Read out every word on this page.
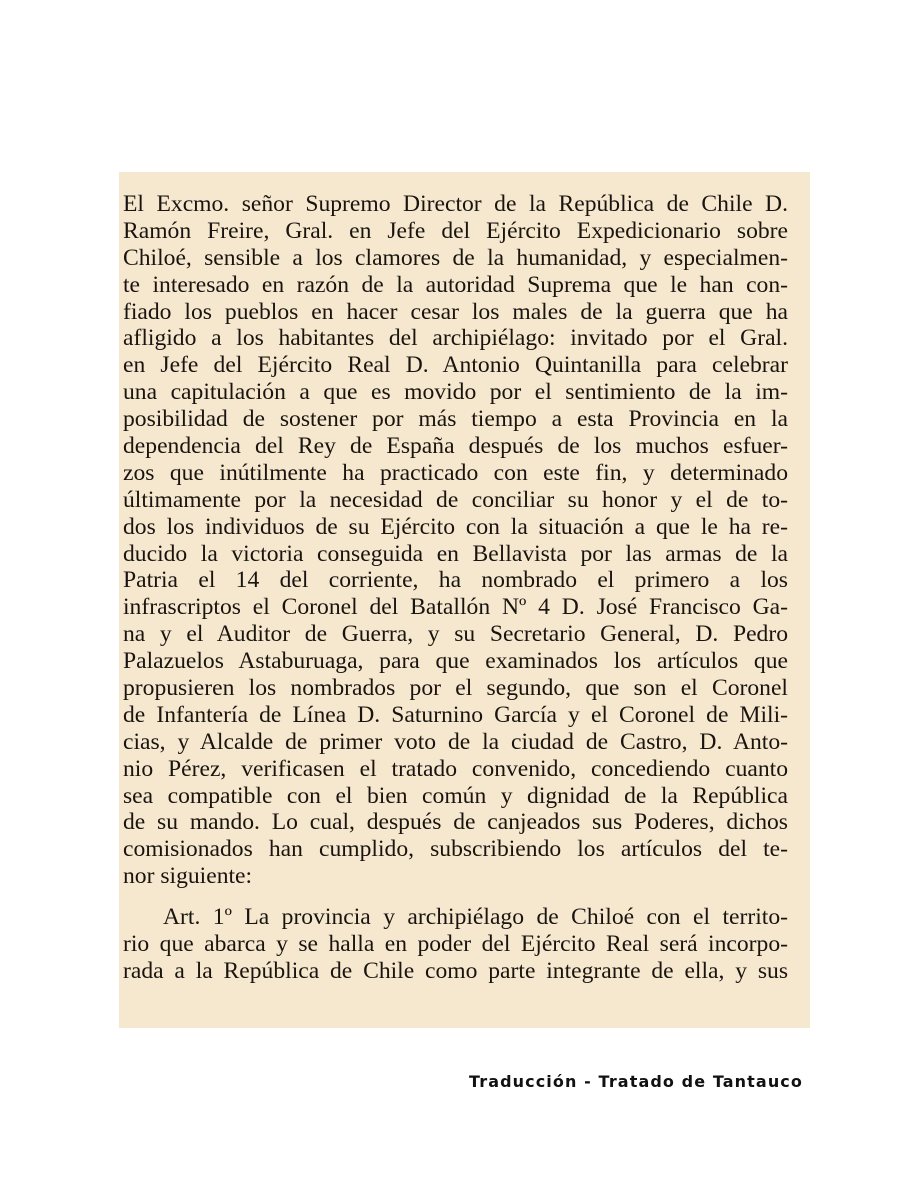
El Excmo. señor Supremo Director de la República de Chile D.
Ramón Freire, Gral. en Jefe del Ejército Expedicionario sobre
Chiloé, sensible a los clamores de la humanidad, y especialmen-
te interesado en razón de la autoridad Suprema que le han con-
fiado los pueblos en hacer cesar los males de la guerra que ha
afligido a los habitantes del archipiélago: invitado por el Gral.
en Jefe del Ejército Real D. Antonio Quintanilla para celebrar
una capitulación a que es movido por el sentimiento de la im-
posibilidad de sostener por más tiempo a esta Provincia en la
dependencia del Rey de España después de los muchos esfuer-
zos que inútilmente ha practicado con este fin, y determinado
últimamente por la necesidad de conciliar su honor y el de to-
dos los individuos de su Ejército con la situación a que le ha re-
ducido la victoria conseguida en Bellavista por las armas de la
Patria el 14 del corriente, ha nombrado el primero a los
infrascriptos el Coronel del Batallón Nº 4 D. José Francisco Ga-
na y el Auditor de Guerra, y su Secretario General, D. Pedro
Palazuelos Astaburuaga, para que examinados los artículos que
propusieren los nombrados por el segundo, que son el Coronel
de Infantería de Línea D. Saturnino García y el Coronel de Mili-
cias, y Alcalde de primer voto de la ciudad de Castro, D. Anto-
nio Pérez, verificasen el tratado convenido, concediendo cuanto
sea compatible con el bien común y dignidad de la República
de su mando. Lo cual, después de canjeados sus Poderes, dichos
comisionados han cumplido, subscribiendo los artículos del te-
nor siguiente:
Art. 1º La provincia y archipiélago de Chiloé con el territo-
rio que abarca y se halla en poder del Ejército Real será incorpo-
rada a la República de Chile como parte integrante de ella, y sus
Traducción - Tratado de Tantauco
